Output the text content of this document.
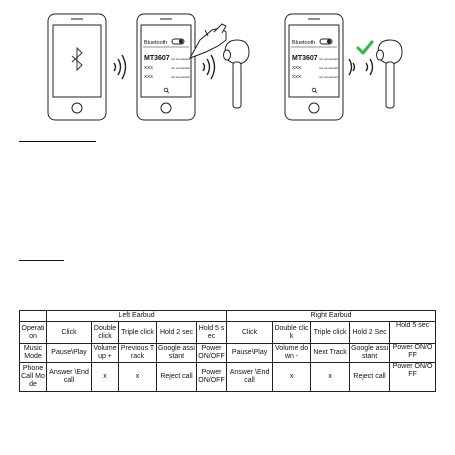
Bluetooth
MT3607 not connected
XXX	not connected
XXX	not connected
Bluetooth
MT3607 not connected
XXX	not connected
XXX	not connected
	Left Earbud					Right Earbud				
Operation	Click	Double click	Triple click	Hold 2 sec	Hold 5 sec	Click	Double click	Triple click	Hold 2 Sec	Hold 5 sec
Music Mode	Pause\Play	Volume up +	Previous Track	Google assistant	Power ON/OFF	Pause\Play	Volume down -	Next Track	Google assistant	Power ON/OFF
Phone Call Mode	Answer \End call	x	x	Reject call	Power ON/OFF	Answer \End call	x	x	Reject call	Power ON/OFF
